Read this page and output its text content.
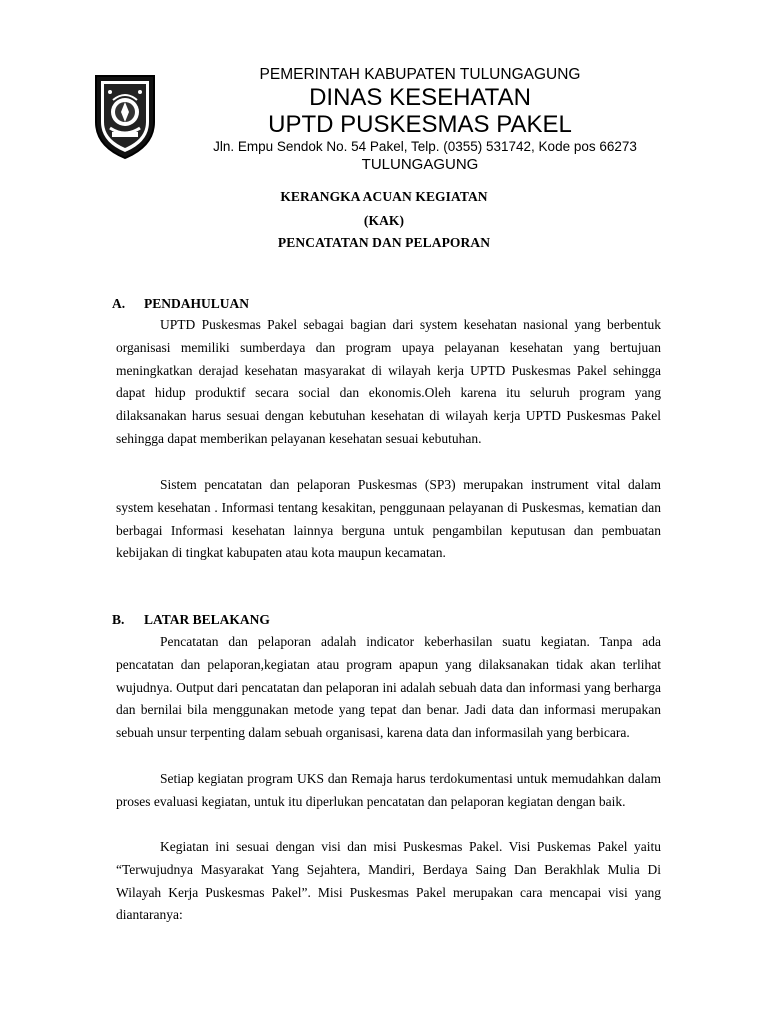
PEMERINTAH KABUPATEN TULUNGAGUNG
DINAS KESEHATAN
UPTD PUSKESMAS PAKEL
Jln. Empu Sendok No. 54 Pakel, Telp. (0355) 531742, Kode pos 66273
TULUNGAGUNG
KERANGKA ACUAN KEGIATAN
(KAK)
PENCATATAN DAN PELAPORAN
A. PENDAHULUAN

UPTD Puskesmas Pakel sebagai bagian dari system kesehatan nasional yang berbentuk organisasi memiliki sumberdaya dan program upaya pelayanan kesehatan yang bertujuan meningkatkan derajad kesehatan masyarakat di wilayah kerja UPTD Puskesmas Pakel sehingga dapat hidup produktif secara social dan ekonomis.Oleh karena itu seluruh program yang dilaksanakan harus sesuai dengan kebutuhan kesehatan di wilayah kerja UPTD Puskesmas Pakel sehingga dapat memberikan pelayanan kesehatan sesuai kebutuhan.

Sistem pencatatan dan pelaporan Puskesmas (SP3) merupakan instrument vital dalam system kesehatan . Informasi tentang kesakitan, penggunaan pelayanan di Puskesmas, kematian dan berbagai Informasi kesehatan lainnya berguna untuk pengambilan keputusan dan pembuatan kebijakan di tingkat kabupaten atau kota maupun kecamatan.

B. LATAR BELAKANG

Pencatatan dan pelaporan adalah indicator keberhasilan suatu kegiatan. Tanpa ada pencatatan dan pelaporan,kegiatan atau program apapun yang dilaksanakan tidak akan terlihat wujudnya. Output dari pencatatan dan pelaporan ini adalah sebuah data dan informasi yang berharga dan bernilai bila menggunakan metode yang tepat dan benar. Jadi data dan informasi merupakan sebuah unsur terpenting dalam sebuah organisasi, karena data dan informasilah yang berbicara.

Setiap kegiatan program UKS dan Remaja harus terdokumentasi untuk memudahkan dalam proses evaluasi kegiatan, untuk itu diperlukan pencatatan dan pelaporan kegiatan dengan baik.

Kegiatan ini sesuai dengan visi dan misi Puskesmas Pakel. Visi Puskemas Pakel yaitu “Terwujudnya Masyarakat Yang Sejahtera, Mandiri, Berdaya Saing Dan Berakhlak Mulia Di Wilayah Kerja Puskesmas Pakel”. Misi Puskesmas Pakel merupakan cara mencapai visi yang diantaranya:
